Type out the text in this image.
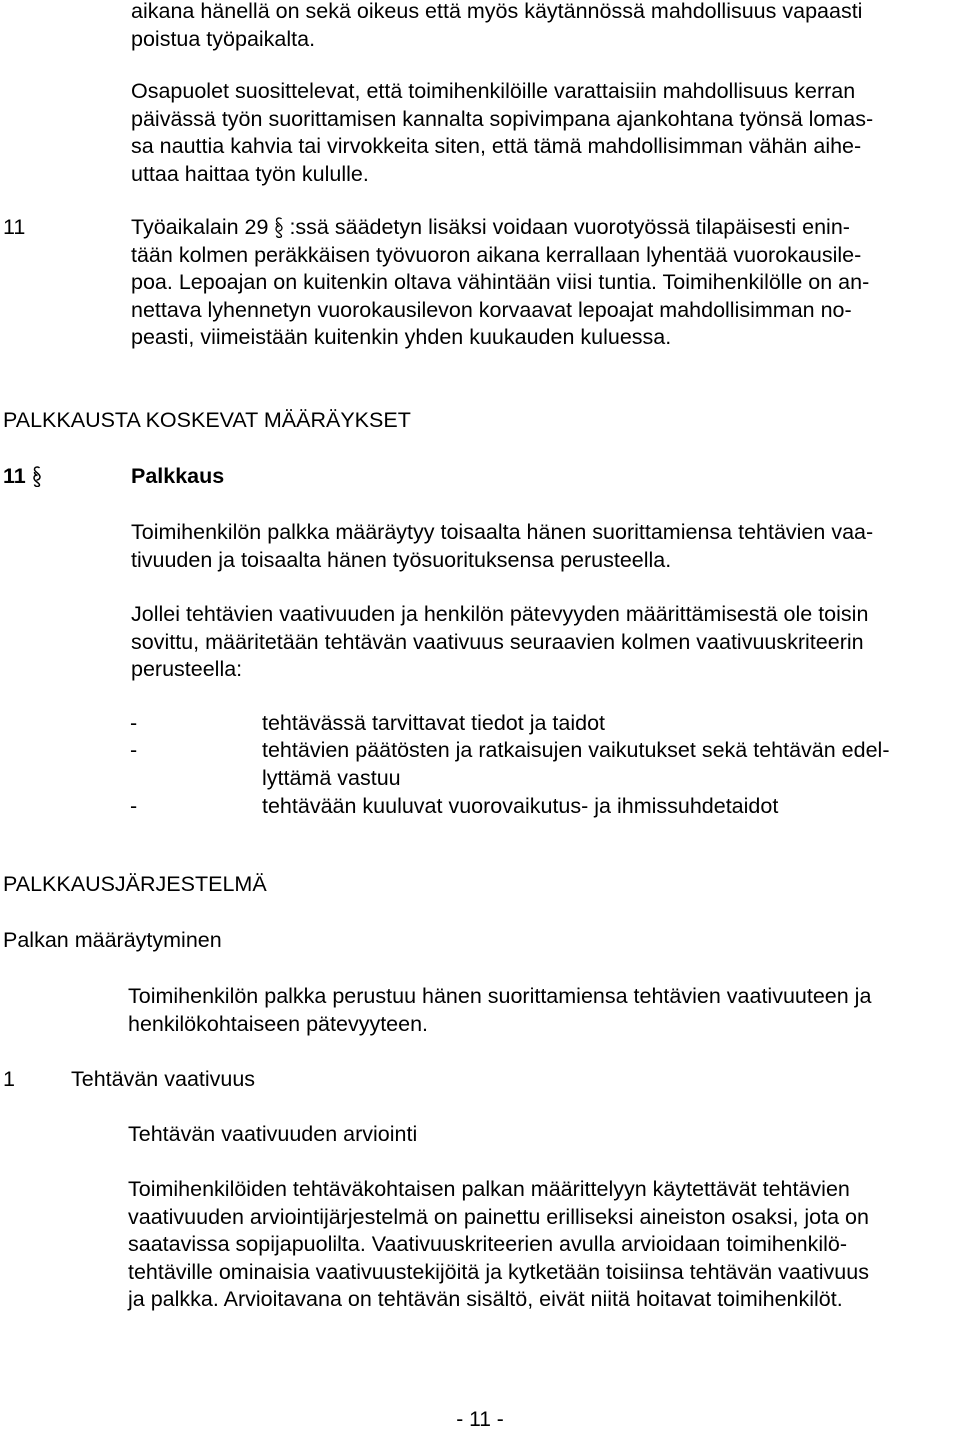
aikana hänellä on sekä oikeus että myös käytännössä mahdollisuus vapaasti
poistua työpaikalta.
Osapuolet suosittelevat, että toimihenkilöille varattaisiin mahdollisuus kerran
päivässä työn suorittamisen kannalta sopivimpana ajankohtana työnsä lomas-
sa nauttia kahvia tai virvokkeita siten, että tämä mahdollisimman vähän aihe-
uttaa haittaa työn kululle.
11	Työaikalain 29 :ssä säädetyn lisäksi voidaan vuorotyössä tilapäisesti enin-
tään kolmen peräkkäisen työvuoron aikana kerrallaan lyhentää vuorokausile-
poa. Lepoajan on kuitenkin oltava vähintään viisi tuntia. Toimihenkilölle on an-
nettava lyhennetyn vuorokausilevon korvaavat lepoajat mahdollisimman no-
peasti, viimeistään kuitenkin yhden kuukauden kuluessa.
PALKKAUSTA KOSKEVAT MÄÄRÄYKSET
11	Palkkaus
Toimihenkilön palkka määräytyy toisaalta hänen suorittamiensa tehtävien vaa-
tivuuden ja toisaalta hänen työsuorituksensa perusteella.
Jollei tehtävien vaativuuden ja henkilön pätevyyden määrittämisestä ole toisin
sovittu, määritetään tehtävän vaativuus seuraavien kolmen vaativuuskriteerin
perusteella:
-	tehtävässä tarvittavat tiedot ja taidot
-	tehtävien päätösten ja ratkaisujen vaikutukset sekä tehtävän edel-
lyttämä vastuu
-	tehtävään kuuluvat vuorovaikutus- ja ihmissuhdetaidot
PALKKAUSJÄRJESTELMÄ
Palkan määräytyminen
Toimihenkilön palkka perustuu hänen suorittamiensa tehtävien vaativuuteen ja
henkilökohtaiseen pätevyyteen.
1	Tehtävän vaativuus
Tehtävän vaativuuden arviointi
Toimihenkilöiden tehtäväkohtaisen palkan määrittelyyn käytettävät tehtävien
vaativuuden arviointijärjestelmä on painettu erilliseksi aineiston osaksi, jota on
saatavissa sopijapuolilta. Vaativuuskriteerien avulla arvioidaan toimihenkilö-
tehtäville ominaisia vaativuustekijöitä ja kytketään toisiinsa tehtävän vaativuus
ja palkka. Arvioitavana on tehtävän sisältö, eivät niitä hoitavat toimihenkilöt.
- 11 -
